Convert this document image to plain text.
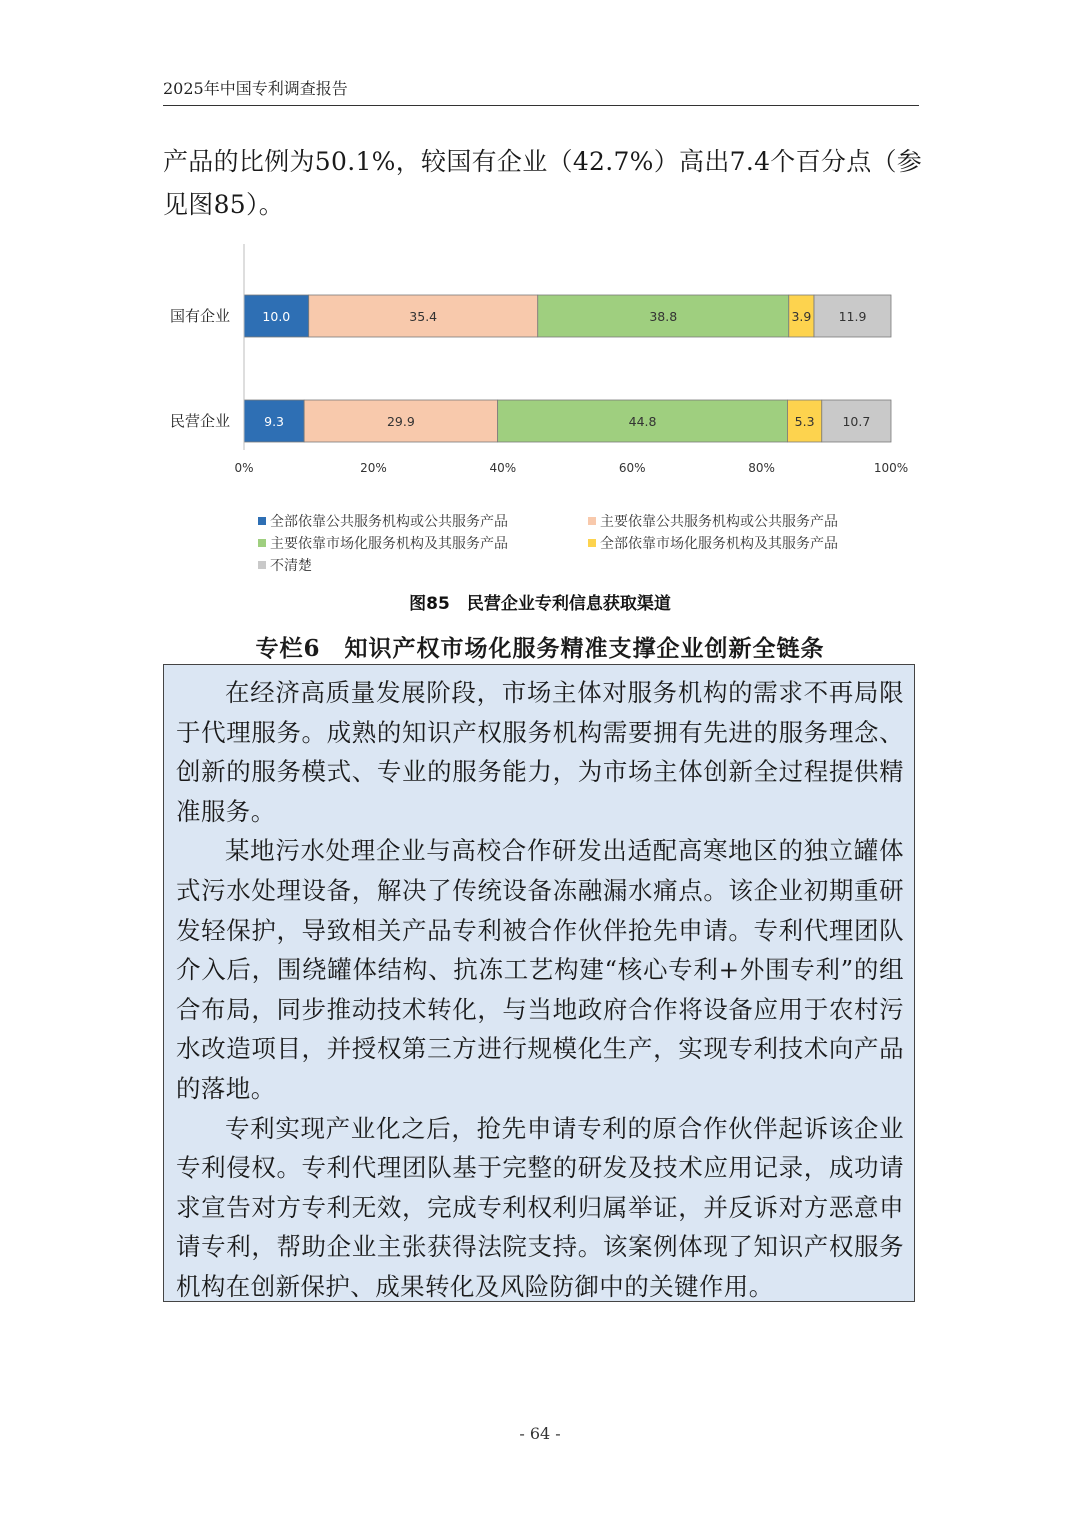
2025年中国专利调查报告

产品的比例为50.1%，较国有企业（42.7%）高出7.4个百分点（参见图85）。

国有企业	10.0	35.4	38.8	3.9 11.9
民营企业	9.3	29.9	44.8	5.3 10.7
0%	20%	40%	60%	80%	100%
全部依靠公共服务机构或公共服务产品	主要依靠公共服务机构或公共服务产品
主要依靠市场化服务机构及其服务产品	全部依靠市场化服务机构及其服务产品
不清楚
图85　民营企业专利信息获取渠道
专栏6　知识产权市场化服务精准支撑企业创新全链条

在经济高质量发展阶段，市场主体对服务机构的需求不再局限于代理服务。成熟的知识产权服务机构需要拥有先进的服务理念、创新的服务模式、专业的服务能力，为市场主体创新全过程提供精准服务。

某地污水处理企业与高校合作研发出适配高寒地区的独立罐体式污水处理设备，解决了传统设备冻融漏水痛点。该企业初期重研发轻保护，导致相关产品专利被合作伙伴抢先申请。专利代理团队介入后，围绕罐体结构、抗冻工艺构建“核心专利+外围专利”的组合布局，同步推动技术转化，与当地政府合作将设备应用于农村污水改造项目，并授权第三方进行规模化生产，实现专利技术向产品的落地。

专利实现产业化之后，抢先申请专利的原合作伙伴起诉该企业专利侵权。专利代理团队基于完整的研发及技术应用记录，成功请求宣告对方专利无效，完成专利权利归属举证，并反诉对方恶意申请专利，帮助企业主张获得法院支持。该案例体现了知识产权服务机构在创新保护、成果转化及风险防御中的关键作用。

- 64 -
